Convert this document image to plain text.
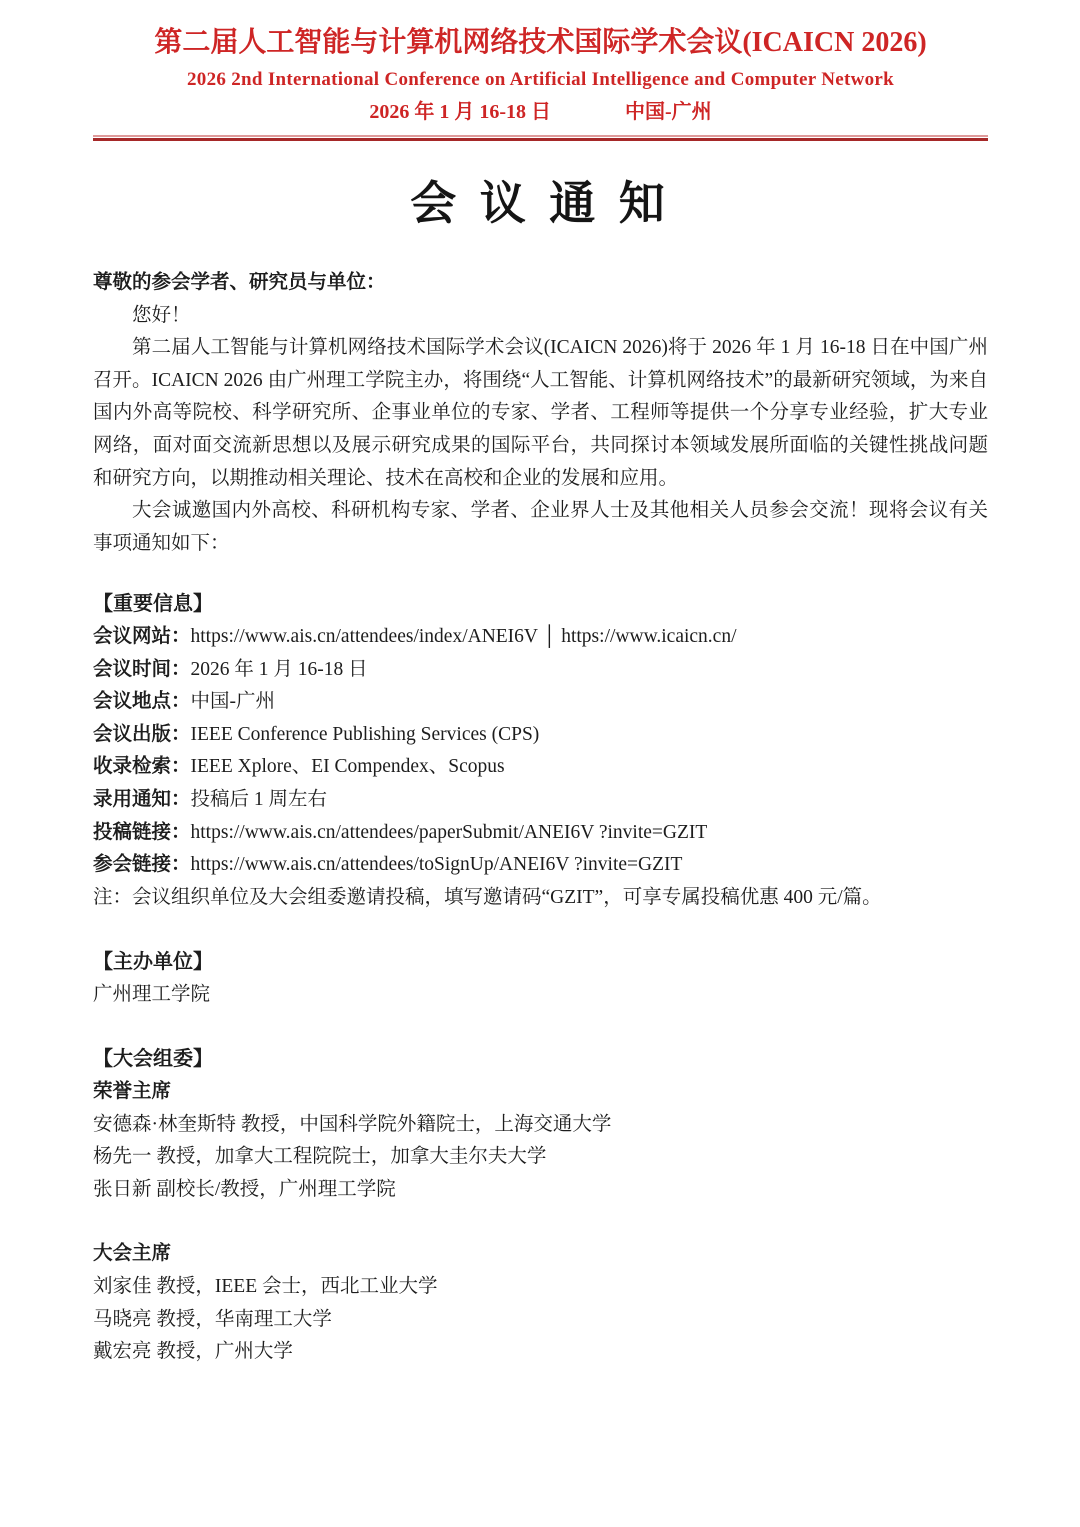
第二届人工智能与计算机网络技术国际学术会议(ICAICN 2026)
2026 2nd International Conference on Artificial Intelligence and Computer Network
2026 年 1 月 16-18 日	中国-广州
会 议 通 知

尊敬的参会学者、研究员与单位：

您好！

第二届人工智能与计算机网络技术国际学术会议(ICAICN 2026)将于 2026 年 1 月 16-18 日在中国广州召开。ICAICN 2026 由广州理工学院主办，将围绕“人工智能、计算机网络技术”的最新研究领域，为来自国内外高等院校、科学研究所、企事业单位的专家、学者、工程师等提供一个分享专业经验，扩大专业网络，面对面交流新思想以及展示研究成果的国际平台，共同探讨本领域发展所面临的关键性挑战问题和研究方向，以期推动相关理论、技术在高校和企业的发展和应用。

大会诚邀国内外高校、科研机构专家、学者、企业界人士及其他相关人员参会交流！现将会议有关事项通知如下：

【重要信息】

会议网站：https://www.ais.cn/attendees/index/ANEI6V │ https://www.icaicn.cn/

会议时间：2026 年 1 月 16-18 日

会议地点：中国-广州

会议出版：IEEE Conference Publishing Services (CPS)

收录检索：IEEE Xplore、EI Compendex、Scopus

录用通知：投稿后 1 周左右

投稿链接：https://www.ais.cn/attendees/paperSubmit/ANEI6V ?invite=GZIT

参会链接：https://www.ais.cn/attendees/toSignUp/ANEI6V ?invite=GZIT

注：会议组织单位及大会组委邀请投稿，填写邀请码“GZIT”，可享专属投稿优惠 400 元/篇。

【主办单位】

广州理工学院

【大会组委】
荣誉主席

安德森·林奎斯特 教授，中国科学院外籍院士，上海交通大学

杨先一 教授，加拿大工程院院士，加拿大圭尔夫大学

张日新 副校长/教授，广州理工学院

大会主席

刘家佳 教授，IEEE 会士，西北工业大学

马晓亮 教授，华南理工大学

戴宏亮 教授，广州大学
